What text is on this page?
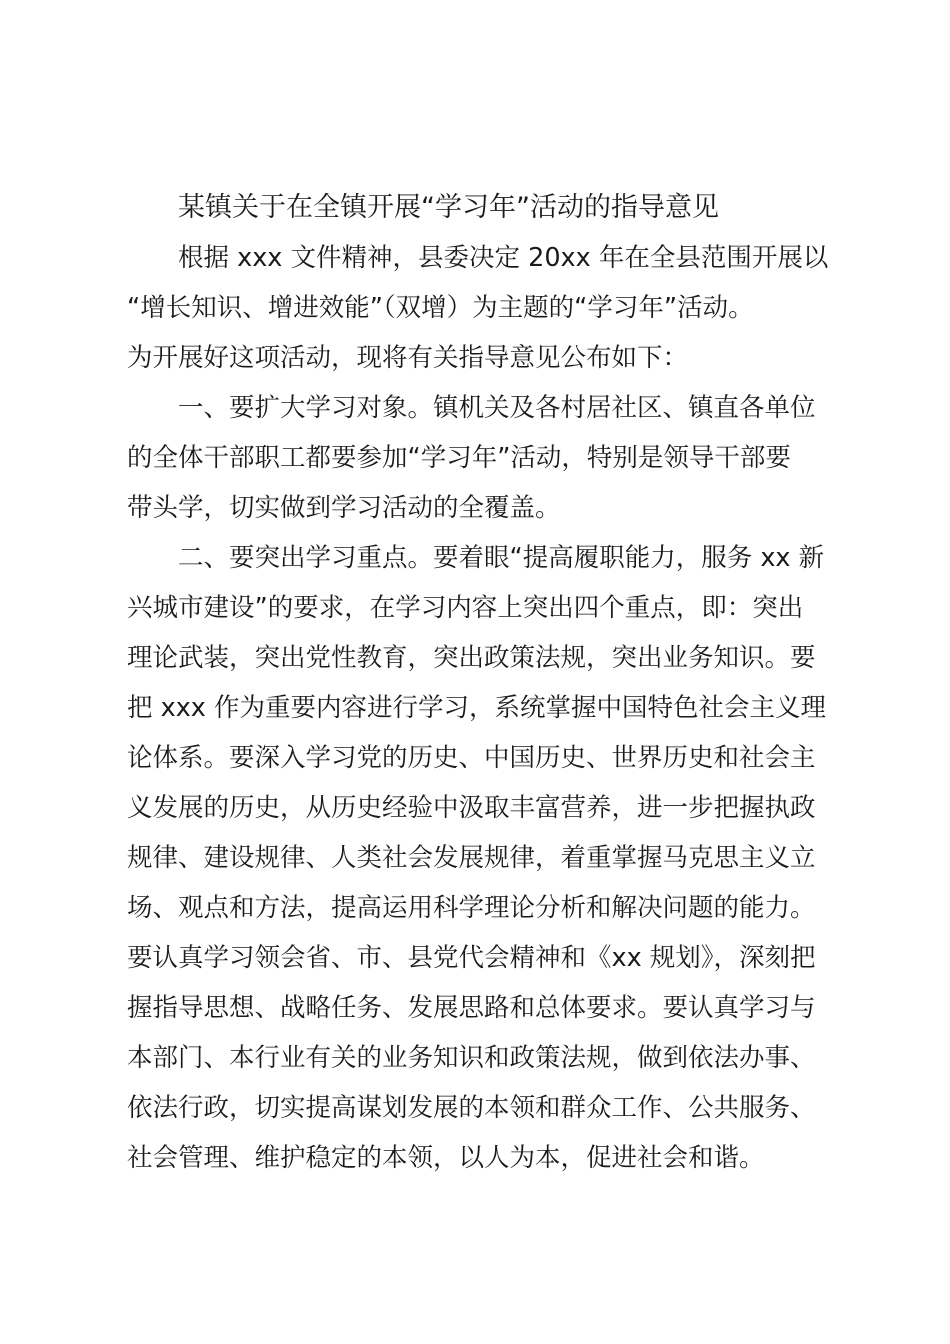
某镇关于在全镇开展“学习年”活动的指导意见

根据 xxx 文件精神，县委决定 20xx 年在全县范围开展以

“增长知识、增进效能”（双增）为主题的“学习年”活动。

为开展好这项活动，现将有关指导意见公布如下：

一、要扩大学习对象。镇机关及各村居社区、镇直各单位

的全体干部职工都要参加“学习年”活动，特别是领导干部要

带头学，切实做到学习活动的全覆盖。

二、要突出学习重点。要着眼“提高履职能力，服务 xx 新

兴城市建设”的要求，在学习内容上突出四个重点，即：突出

理论武装，突出党性教育，突出政策法规，突出业务知识。要

把 xxx 作为重要内容进行学习，系统掌握中国特色社会主义理

论体系。要深入学习党的历史、中国历史、世界历史和社会主

义发展的历史，从历史经验中汲取丰富营养，进一步把握执政

规律、建设规律、人类社会发展规律，着重掌握马克思主义立

场、观点和方法，提高运用科学理论分析和解决问题的能力。

要认真学习领会省、市、县党代会精神和《xx 规划》，深刻把

握指导思想、战略任务、发展思路和总体要求。要认真学习与

本部门、本行业有关的业务知识和政策法规，做到依法办事、

依法行政，切实提高谋划发展的本领和群众工作、公共服务、

社会管理、维护稳定的本领，以人为本，促进社会和谐。
